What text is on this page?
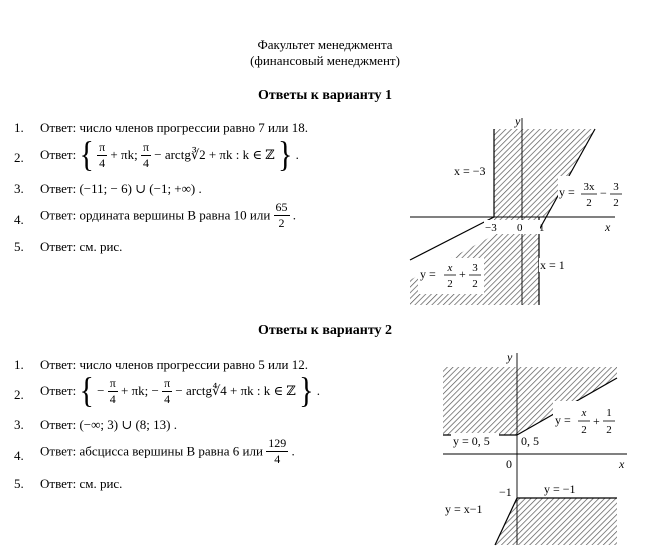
Факультет менеджмента
(финансовый менеджмент)
Ответы к варианту 1
1. Ответ: число членов прогрессии равно 7 или 18.
2. Ответ: { $\frac{\pi}{4} + \pi k$; $\frac{\pi}{4}$ − arctg∛2 + πk : k ∈ ℤ } .
3. Ответ: (−11; − 6) ∪ (−1; +∞) .
4. Ответ: ордината вершины B равна 10 или $\frac{65}{2}$ .
5. Ответ: см. рис.
x
y
x = −3
−3 0 1
x = 1
y = 3x
2
− 3
2
y = x
2
+ 3
2
Ответы к варианту 2
1. Ответ: число членов прогрессии равно 5 или 12.
2. Ответ: { − $\frac{\pi}{4} + \pi k$; − $\frac{\pi}{4}$ − arctg∜4 + πk : k ∈ ℤ } .
3. Ответ: (−∞; 3) ∪ (8; 13) .
4. Ответ: абсцисса вершины B равна 6 или $\frac{129}{4}$ .
5. Ответ: см. рис.
x
y
y = 0, 5	0, 5
0
−1	y = −1
y = x−1
y = x
2
+
1
2
